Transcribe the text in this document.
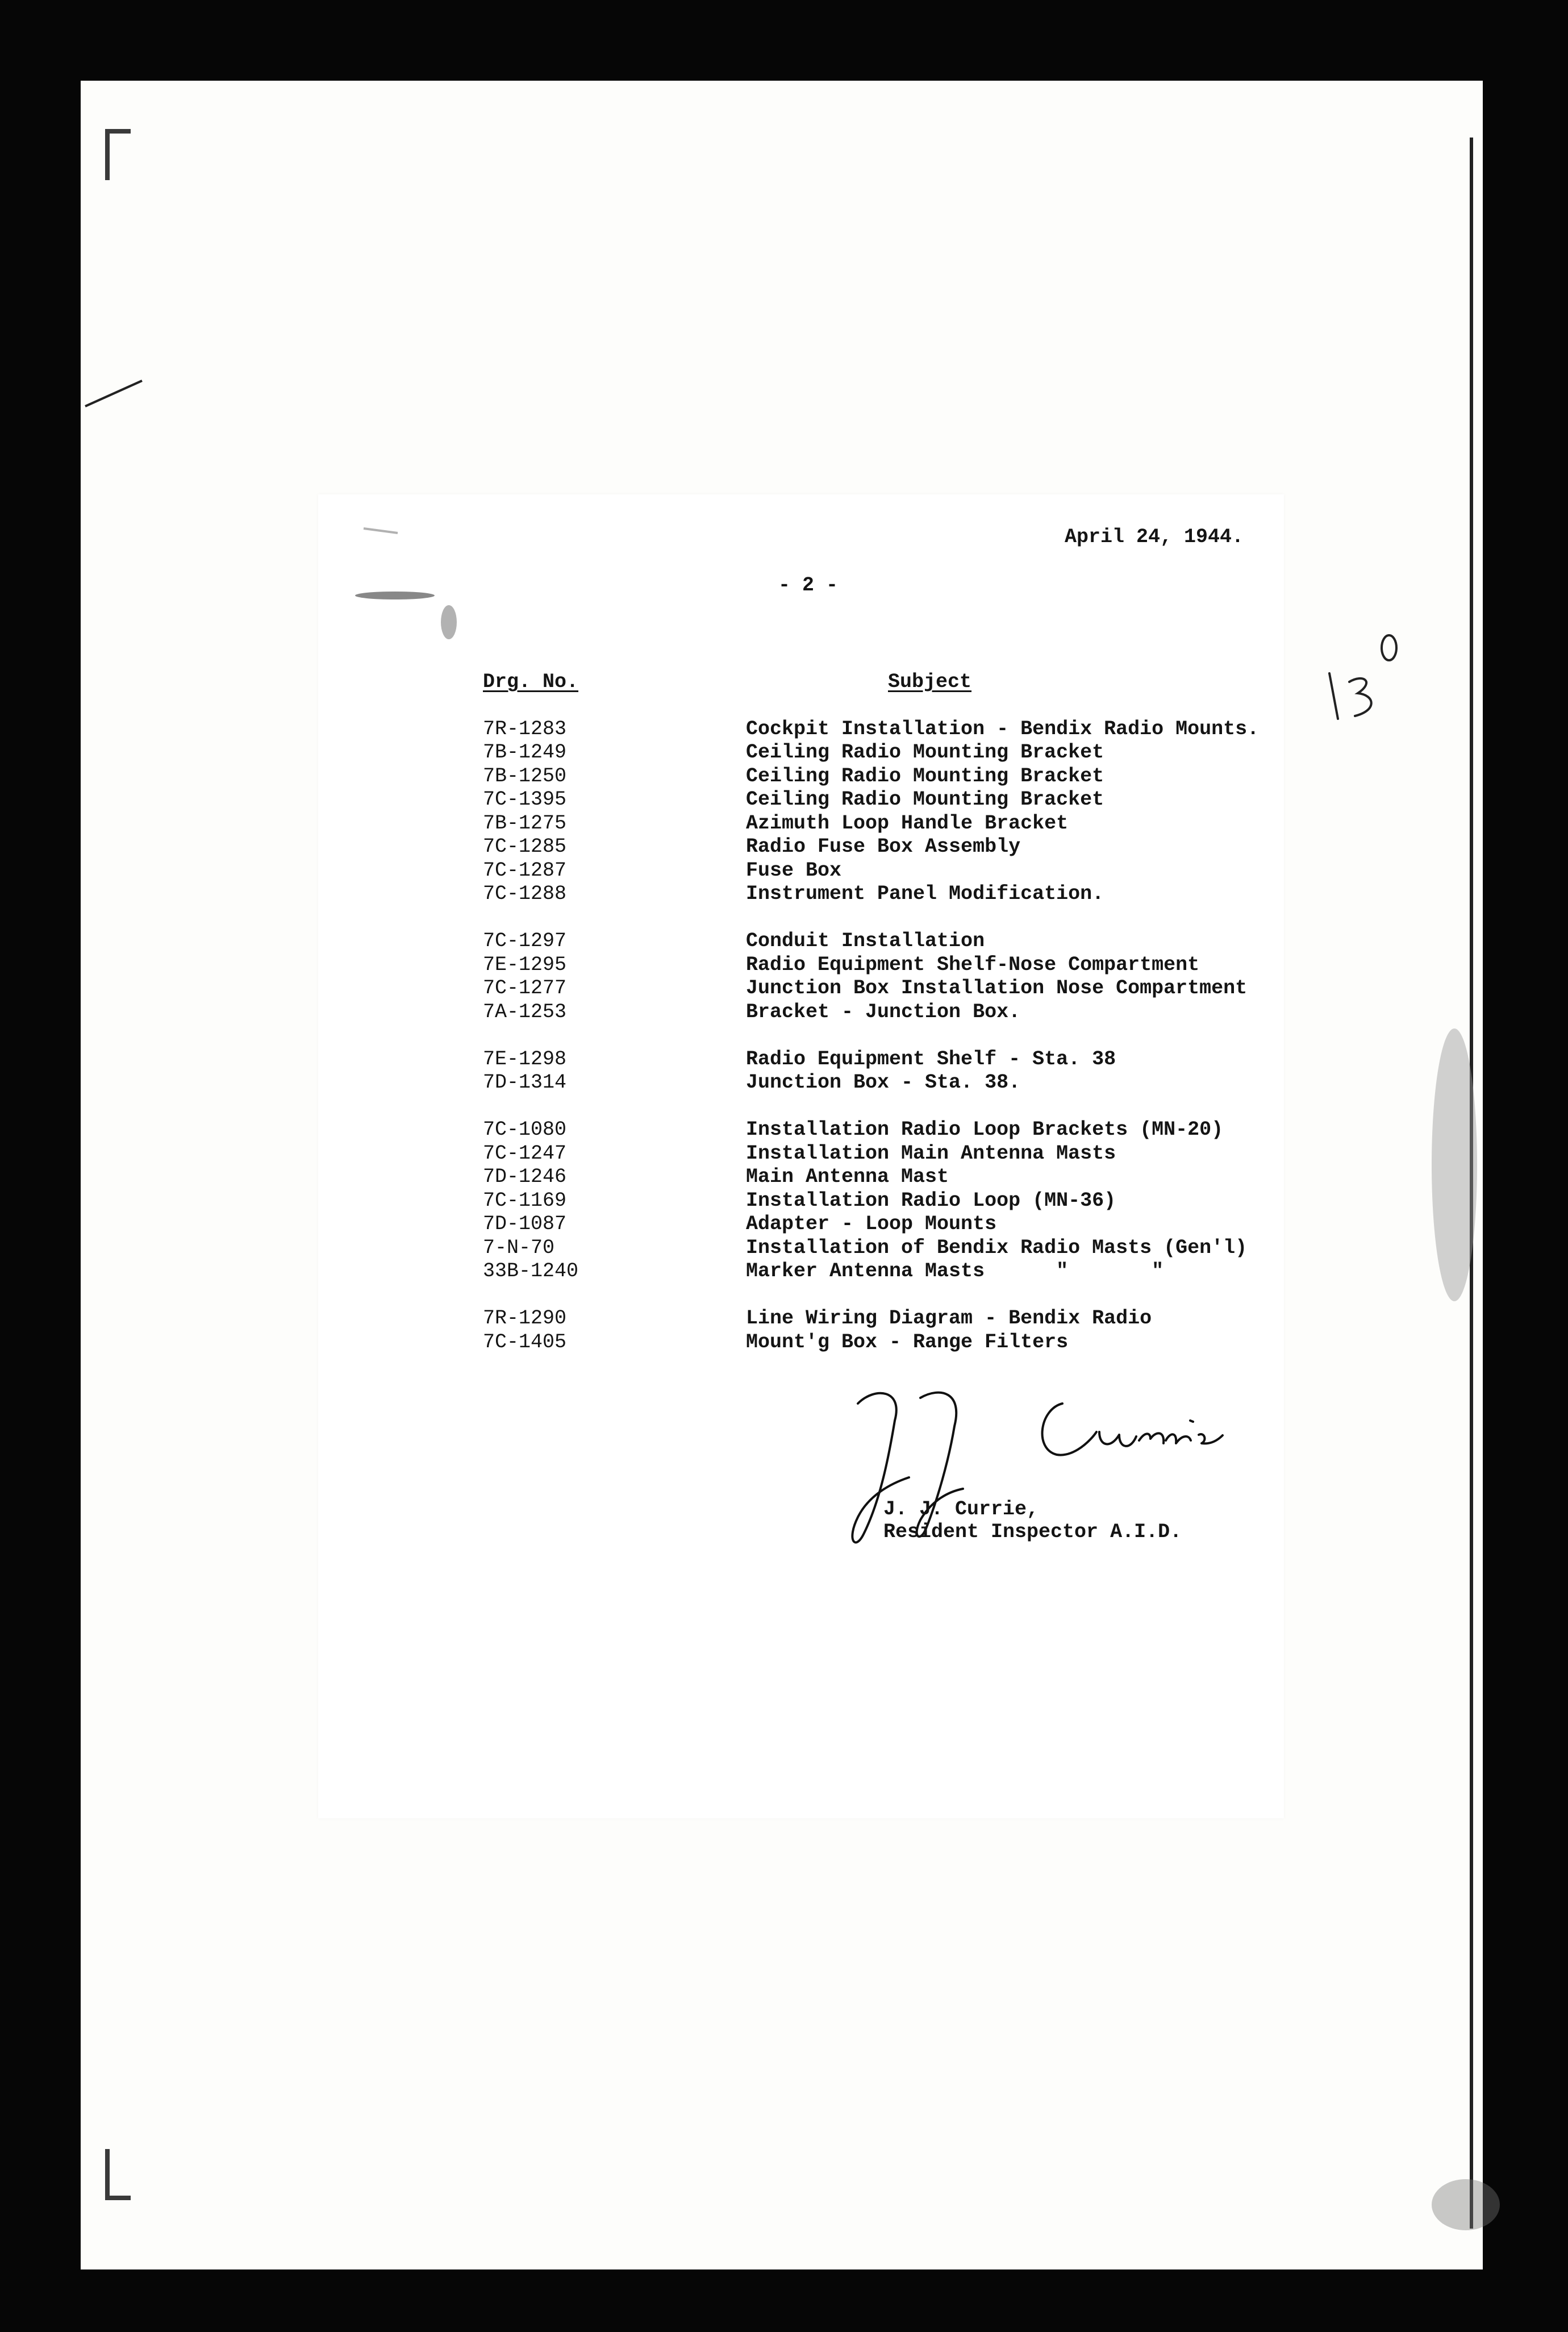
April 24, 1944.
- 2 -
Drg. No.	Subject
7R-1283	Cockpit Installation - Bendix Radio Mounts.
7B-1249	Ceiling Radio Mounting Bracket
7B-1250	Ceiling Radio Mounting Bracket
7C-1395	Ceiling Radio Mounting Bracket
7B-1275	Azimuth Loop Handle Bracket
7C-1285	Radio Fuse Box Assembly
7C-1287	Fuse Box
7C-1288	Instrument Panel Modification.
7C-1297	Conduit Installation
7E-1295	Radio Equipment Shelf-Nose Compartment
7C-1277	Junction Box Installation Nose Compartment
7A-1253	Bracket - Junction Box.
7E-1298	Radio Equipment Shelf - Sta. 38
7D-1314	Junction Box - Sta. 38.
7C-1080	Installation Radio Loop Brackets (MN-20)
7C-1247	Installation Main Antenna Masts
7D-1246	Main Antenna Mast
7C-1169	Installation Radio Loop (MN-36)
7D-1087	Adapter - Loop Mounts
7-N-70	Installation of Bendix Radio Masts (Gen'l)
33B-1240	Marker Antenna Masts      "       "
7R-1290	Line Wiring Diagram - Bendix Radio
7C-1405	Mount'g Box - Range Filters
J. J. Currie,
Resident Inspector A.I.D.
